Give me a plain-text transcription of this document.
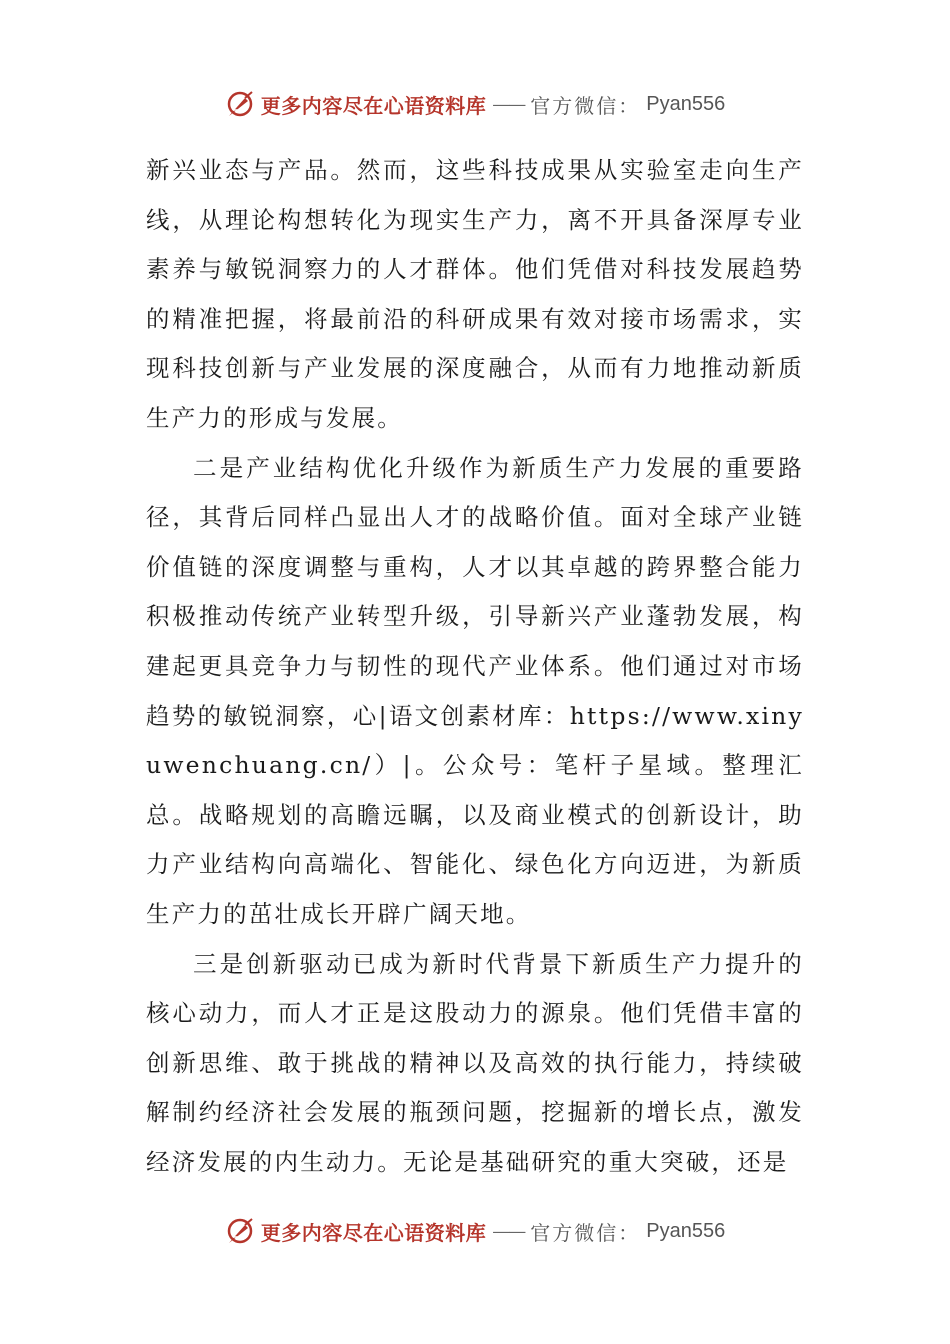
更多内容尽在心语资料库 —— 官方微信： Pyan556

新兴业态与产品。然而，这些科技成果从实验室走向生产线，从理论构想转化为现实生产力，离不开具备深厚专业素养与敏锐洞察力的人才群体。他们凭借对科技发展趋势的精准把握，将最前沿的科研成果有效对接市场需求，实现科技创新与产业发展的深度融合，从而有力地推动新质生产力的形成与发展。

二是产业结构优化升级作为新质生产力发展的重要路径，其背后同样凸显出人才的战略价值。面对全球产业链价值链的深度调整与重构，人才以其卓越的跨界整合能力积极推动传统产业转型升级，引导新兴产业蓬勃发展，构建起更具竞争力与韧性的现代产业体系。他们通过对市场趋势的敏锐洞察，心|语文创素材库：https://www.xinyuwenchuang.cn/）|。公众号：笔杆子星域。整理汇总。战略规划的高瞻远瞩，以及商业模式的创新设计，助力产业结构向高端化、智能化、绿色化方向迈进，为新质生产力的茁壮成长开辟广阔天地。

三是创新驱动已成为新时代背景下新质生产力提升的核心动力，而人才正是这股动力的源泉。他们凭借丰富的创新思维、敢于挑战的精神以及高效的执行能力，持续破解制约经济社会发展的瓶颈问题，挖掘新的增长点，激发经济发展的内生动力。无论是基础研究的重大突破，还是

更多内容尽在心语资料库 —— 官方微信： Pyan556
